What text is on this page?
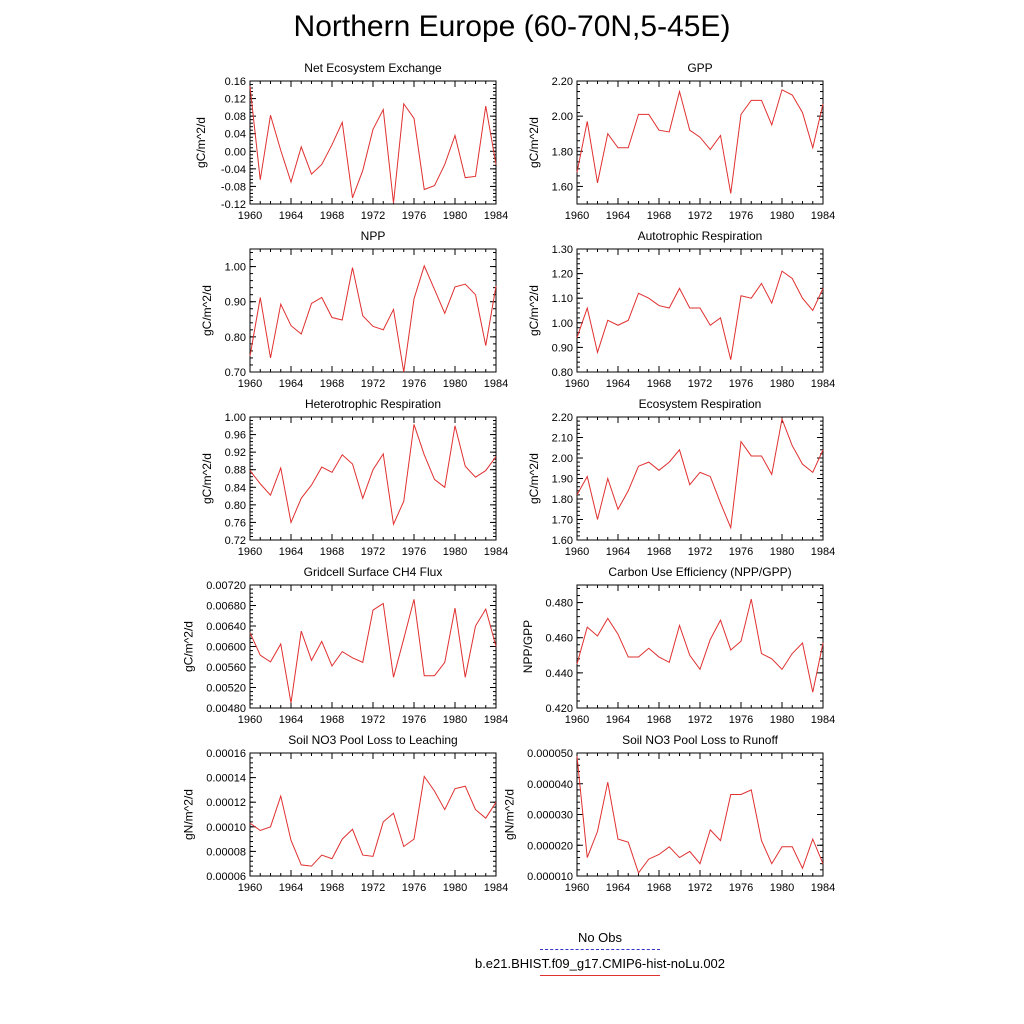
Northern Europe (60-70N,5-45E)
Net Ecosystem Exchange
1960 1964 1968 1972 1976 1980 1984
-0.12
-0.08
-0.04
0.00
0.04
0.08
0.12
0.16
gC/m^2/d
GPP
1960 1964 1968 1972 1976 1980 1984
1.60
1.80
2.00
2.20
gC/m^2/d
NPP
1960 1964 1968 1972 1976 1980 1984
0.70
0.80
0.90
1.00
gC/m^2/d
Autotrophic Respiration
1960 1964 1968 1972 1976 1980 1984
0.80
0.90
1.00
1.10
1.20
1.30
gC/m^2/d
Heterotrophic Respiration
1960 1964 1968 1972 1976 1980 1984
0.72
0.76
0.80
0.84
0.88
0.92
0.96
1.00
gC/m^2/d
Ecosystem Respiration
1960 1964 1968 1972 1976 1980 1984
1.60
1.70
1.80
1.90
2.00
2.10
2.20
gC/m^2/d
Gridcell Surface CH4 Flux
1960 1964 1968 1972 1976 1980 1984
0.00480
0.00520
0.00560
0.00600
0.00640
0.00680
0.00720
gC/m^2/d
Carbon Use Efficiency (NPP/GPP)
1960 1964 1968 1972 1976 1980 1984
0.420
0.440
0.460
0.480
NPP/GPP
Soil NO3 Pool Loss to Leaching
1960 1964 1968 1972 1976 1980 1984
0.00006
0.00008
0.00010
0.00012
0.00014
0.00016
gN/m^2/d
Soil NO3 Pool Loss to Runoff
1960 1964 1968 1972 1976 1980 1984
0.000010
0.000020
0.000030
0.000040
0.000050
gN/m^2/d
No Obs
b.e21.BHIST.f09_g17.CMIP6-hist-noLu.002
